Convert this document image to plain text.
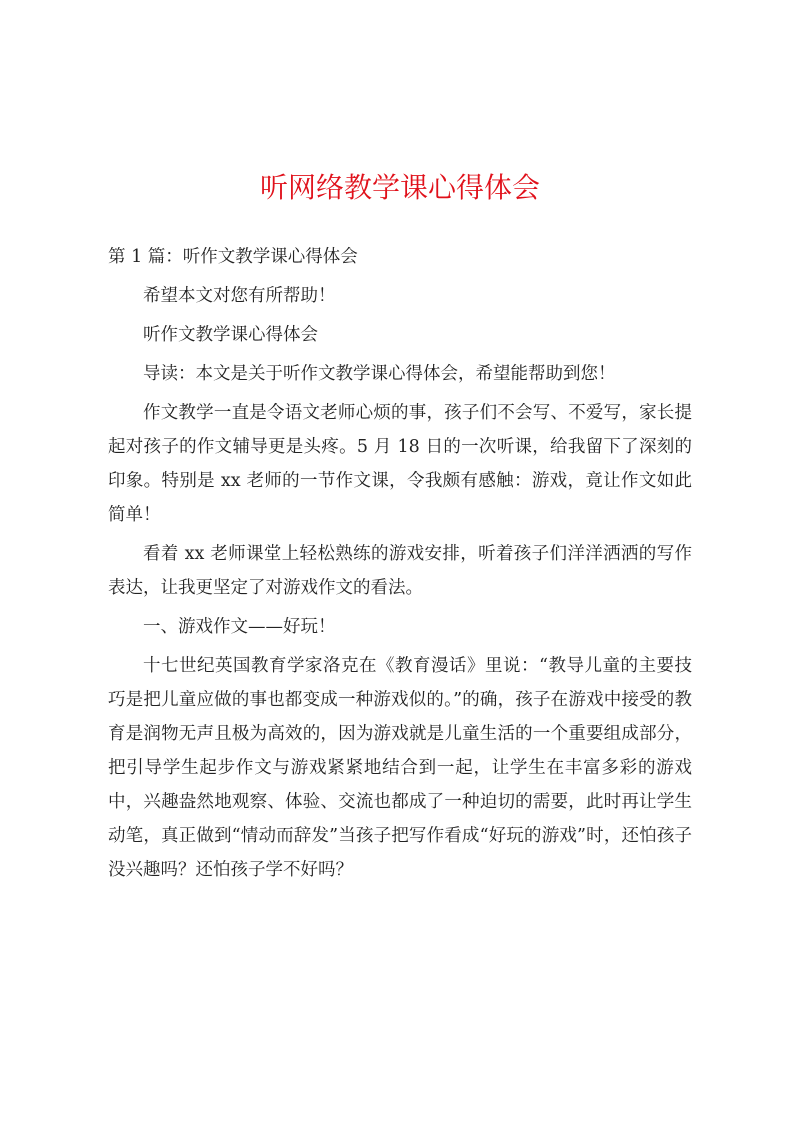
听网络教学课心得体会

第 1 篇：听作文教学课心得体会

希望本文对您有所帮助！

听作文教学课心得体会

导读：本文是关于听作文教学课心得体会，希望能帮助到您！

作文教学一直是令语文老师心烦的事，孩子们不会写、不爱写，家长提起对孩子的作文辅导更是头疼。5 月 18 日的一次听课，给我留下了深刻的印象。特别是 xx 老师的一节作文课，令我颇有感触：游戏，竟让作文如此简单！

看着 xx 老师课堂上轻松熟练的游戏安排，听着孩子们洋洋洒洒的写作表达，让我更坚定了对游戏作文的看法。

一、游戏作文——好玩！

十七世纪英国教育学家洛克在《教育漫话》里说：“教导儿童的主要技巧是把儿童应做的事也都变成一种游戏似的。”的确，孩子在游戏中接受的教育是润物无声且极为高效的，因为游戏就是儿童生活的一个重要组成部分，把引导学生起步作文与游戏紧紧地结合到一起，让学生在丰富多彩的游戏中，兴趣盎然地观察、体验、交流也都成了一种迫切的需要，此时再让学生动笔，真正做到“情动而辞发”当孩子把写作看成“好玩的游戏”时，还怕孩子没兴趣吗？还怕孩子学不好吗？
